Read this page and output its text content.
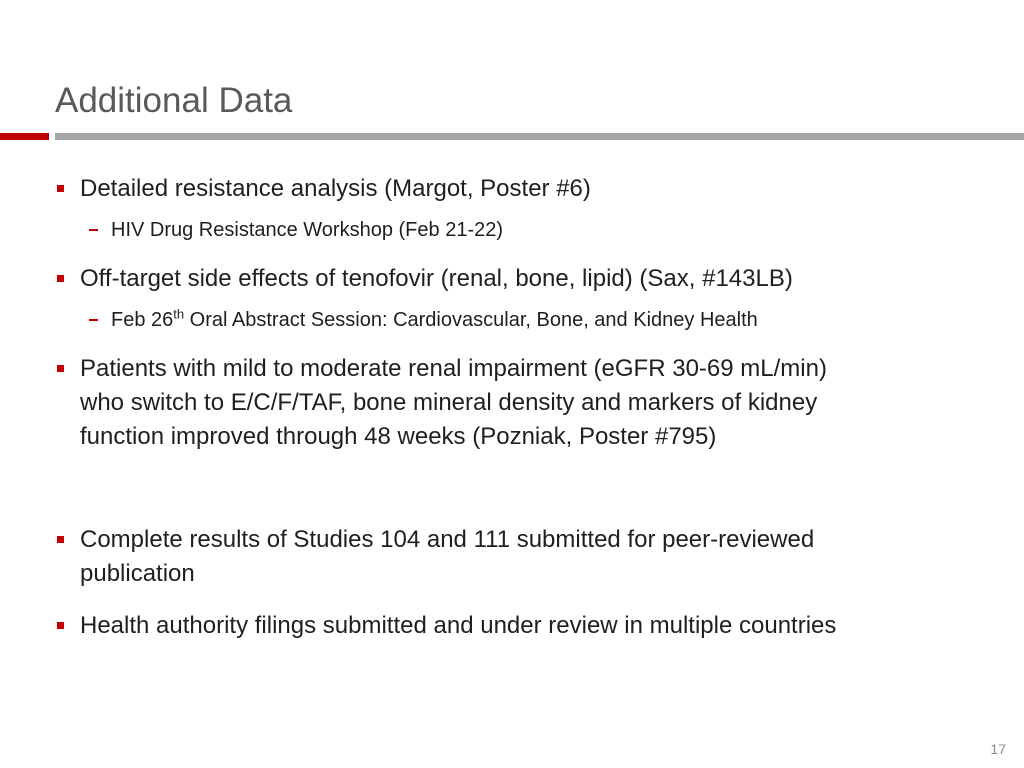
Additional Data
Detailed resistance analysis (Margot, Poster #6)
HIV Drug Resistance Workshop (Feb 21-22)
Off-target side effects of tenofovir (renal, bone, lipid) (Sax, #143LB)
Feb 26th Oral Abstract Session: Cardiovascular, Bone, and Kidney Health
Patients with mild to moderate renal impairment (eGFR 30-69 mL/min)
who switch to E/C/F/TAF, bone mineral density and markers of kidney
function improved through 48 weeks (Pozniak, Poster #795)
Complete results of Studies 104 and 111 submitted for peer-reviewed
publication
Health authority filings submitted and under review in multiple countries
17
